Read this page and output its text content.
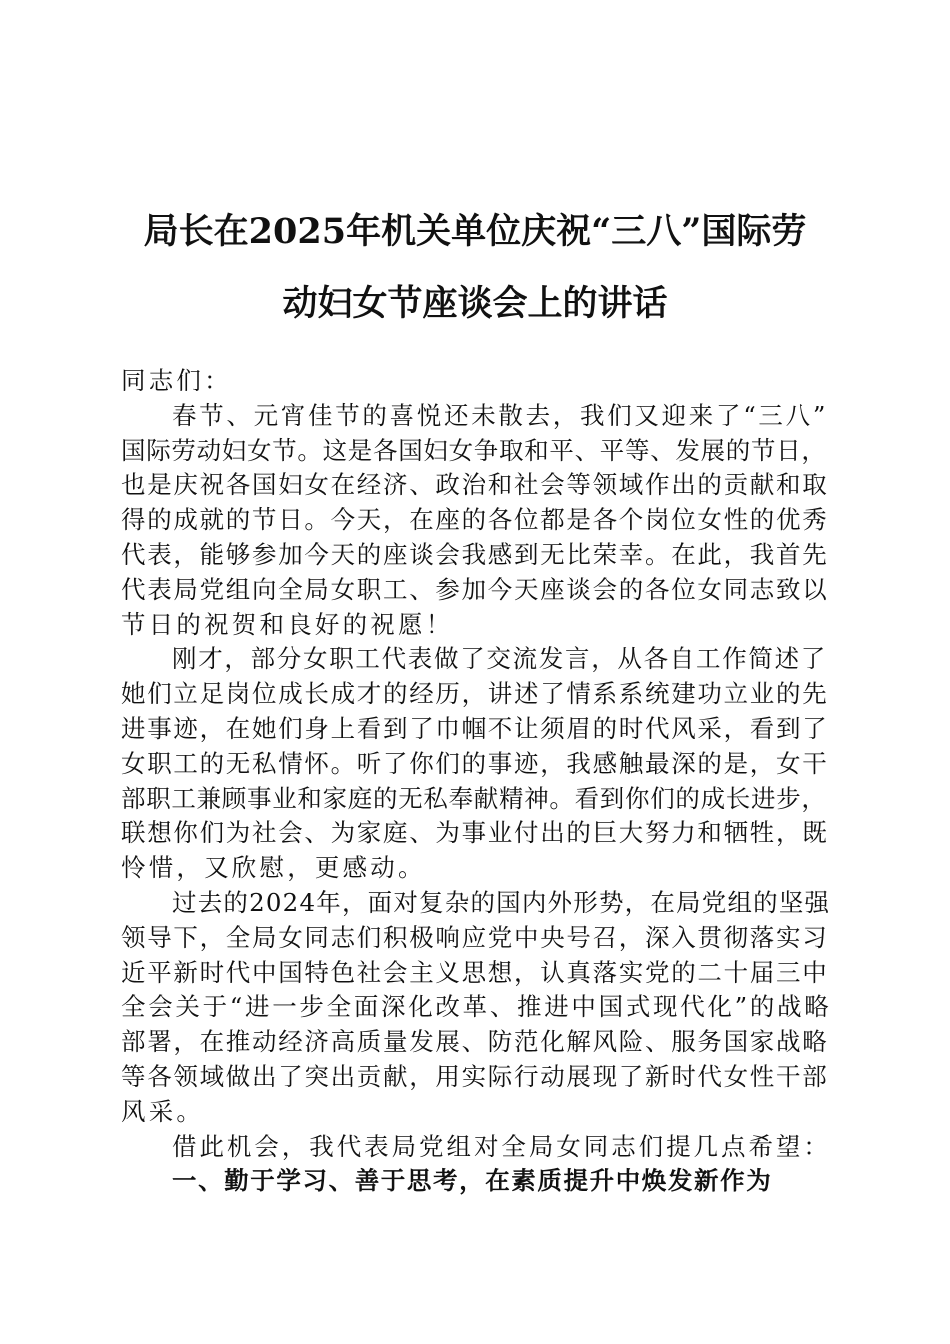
局长在2025年机关单位庆祝“三八”国际劳
动妇女节座谈会上的讲话
同志们：
春节、元宵佳节的喜悦还未散去，我们又迎来了“三八”
国际劳动妇女节。这是各国妇女争取和平、平等、发展的节日，
也是庆祝各国妇女在经济、政治和社会等领域作出的贡献和取
得的成就的节日。今天，在座的各位都是各个岗位女性的优秀
代表，能够参加今天的座谈会我感到无比荣幸。在此，我首先
代表局党组向全局女职工、参加今天座谈会的各位女同志致以
节日的祝贺和良好的祝愿！
刚才，部分女职工代表做了交流发言，从各自工作简述了
她们立足岗位成长成才的经历，讲述了情系系统建功立业的先
进事迹，在她们身上看到了巾帼不让须眉的时代风采，看到了
女职工的无私情怀。听了你们的事迹，我感触最深的是，女干
部职工兼顾事业和家庭的无私奉献精神。看到你们的成长进步，
联想你们为社会、为家庭、为事业付出的巨大努力和牺牲，既
怜惜，又欣慰，更感动。
过去的2024年，面对复杂的国内外形势，在局党组的坚强
领导下，全局女同志们积极响应党中央号召，深入贯彻落实习
近平新时代中国特色社会主义思想，认真落实党的二十届三中
全会关于“进一步全面深化改革、推进中国式现代化”的战略
部署，在推动经济高质量发展、防范化解风险、服务国家战略
等各领域做出了突出贡献，用实际行动展现了新时代女性干部
风采。
借此机会，我代表局党组对全局女同志们提几点希望：
一、勤于学习、善于思考，在素质提升中焕发新作为
